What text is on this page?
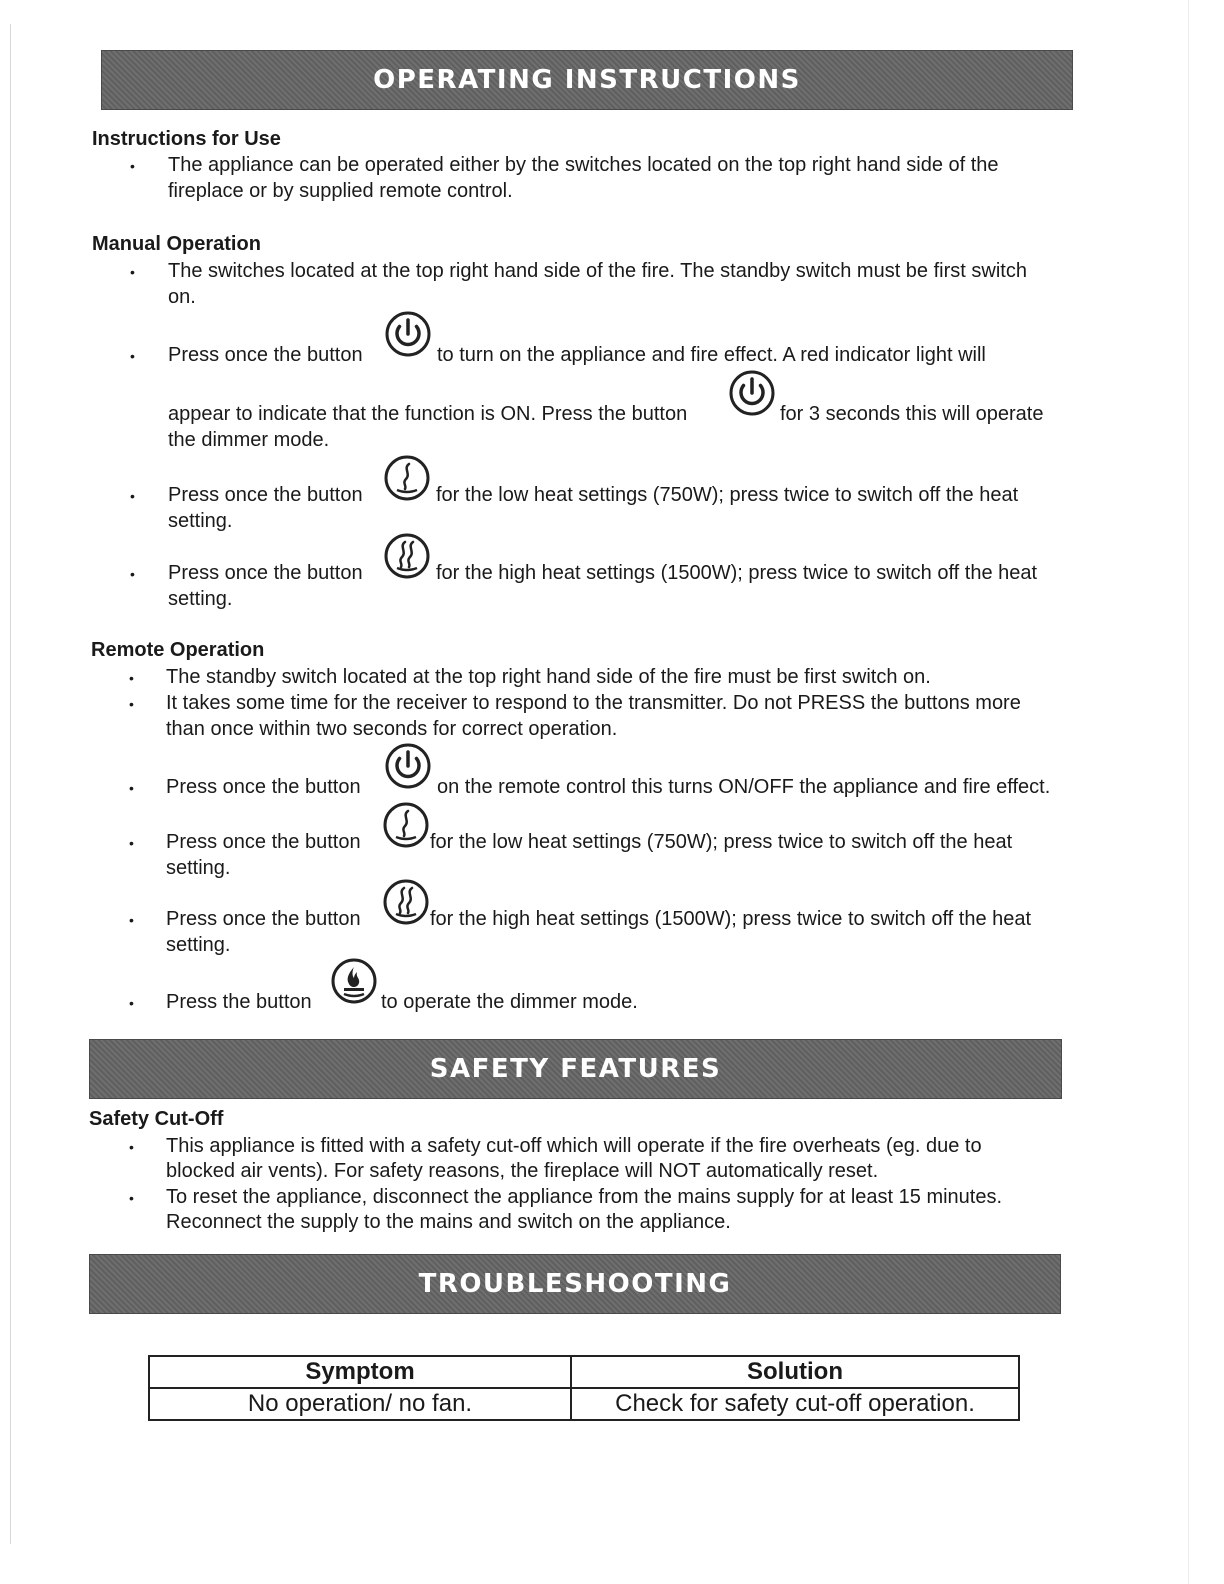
OPERATING INSTRUCTIONS
Instructions for Use
• The appliance can be operated either by the switches located on the top right hand side of the
fireplace or by supplied remote control.
Manual Operation
• The switches located at the top right hand side of the fire. The standby switch must be first switch
on.
• Press once the button	to turn on the appliance and fire effect. A red indicator light will
appear to indicate that the function is ON. Press the button	for 3 seconds this will operate
the dimmer mode.
• Press once the button	for the low heat settings (750W); press twice to switch off the heat
setting.
• Press once the button	for the high heat settings (1500W); press twice to switch off the heat
setting.
Remote Operation
• The standby switch located at the top right hand side of the fire must be first switch on.
• It takes some time for the receiver to respond to the transmitter. Do not PRESS the buttons more
than once within two seconds for correct operation.
• Press once the button	on the remote control this turns ON/OFF the appliance and fire effect.
• Press once the button	for the low heat settings (750W); press twice to switch off the heat
setting.
• Press once the button	for the high heat settings (1500W); press twice to switch off the heat
setting.
• Press the button	to operate the dimmer mode.
SAFETY FEATURES
Safety Cut-Off
• This appliance is fitted with a safety cut-off which will operate if the fire overheats (eg. due to
blocked air vents). For safety reasons, the fireplace will NOT automatically reset.
• To reset the appliance, disconnect the appliance from the mains supply for at least 15 minutes.
Reconnect the supply to the mains and switch on the appliance.
TROUBLESHOOTING
Symptom	Solution
No operation/ no fan.	Check for safety cut-off operation.
